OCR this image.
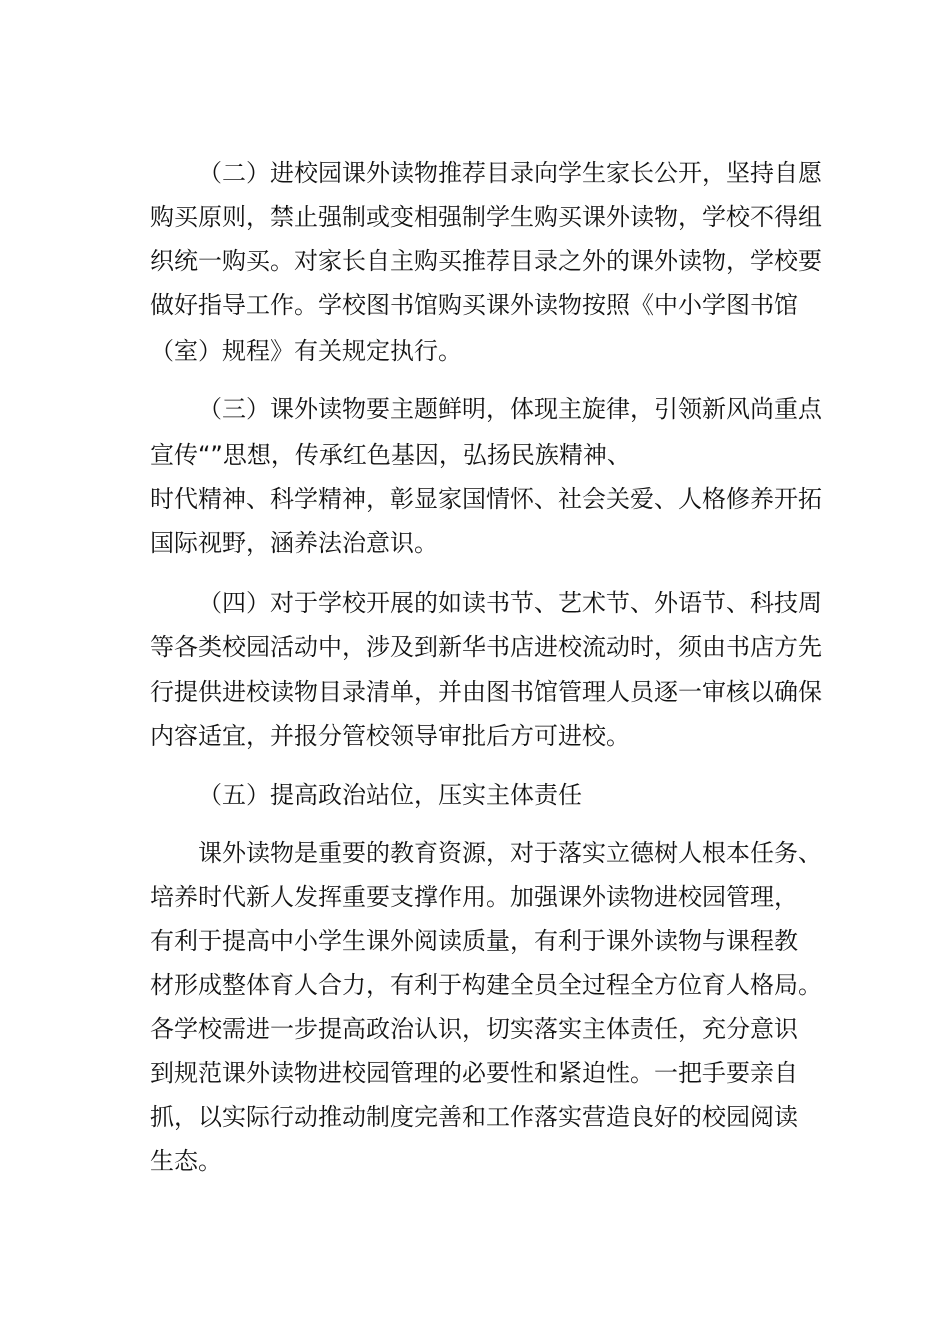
（二）进校园课外读物推荐目录向学生家长公开，坚持自愿
购买原则，禁止强制或变相强制学生购买课外读物，学校不得组
织统一购买。对家长自主购买推荐目录之外的课外读物，学校要
做好指导工作。学校图书馆购买课外读物按照《中小学图书馆
（室）规程》有关规定执行。
（三）课外读物要主题鲜明，体现主旋律，引领新风尚重点
宣传“”思想，传承红色基因，弘扬民族精神、
时代精神、科学精神，彰显家国情怀、社会关爱、人格修养开拓
国际视野，涵养法治意识。
（四）对于学校开展的如读书节、艺术节、外语节、科技周
等各类校园活动中，涉及到新华书店进校流动时，须由书店方先
行提供进校读物目录清单，并由图书馆管理人员逐一审核以确保
内容适宜，并报分管校领导审批后方可进校。
（五）提高政治站位，压实主体责任
课外读物是重要的教育资源，对于落实立德树人根本任务、
培养时代新人发挥重要支撑作用。加强课外读物进校园管理，
有利于提高中小学生课外阅读质量，有利于课外读物与课程教
材形成整体育人合力，有利于构建全员全过程全方位育人格局。
各学校需进一步提高政治认识，切实落实主体责任，充分意识
到规范课外读物进校园管理的必要性和紧迫性。一把手要亲自
抓，以实际行动推动制度完善和工作落实营造良好的校园阅读
生态。
